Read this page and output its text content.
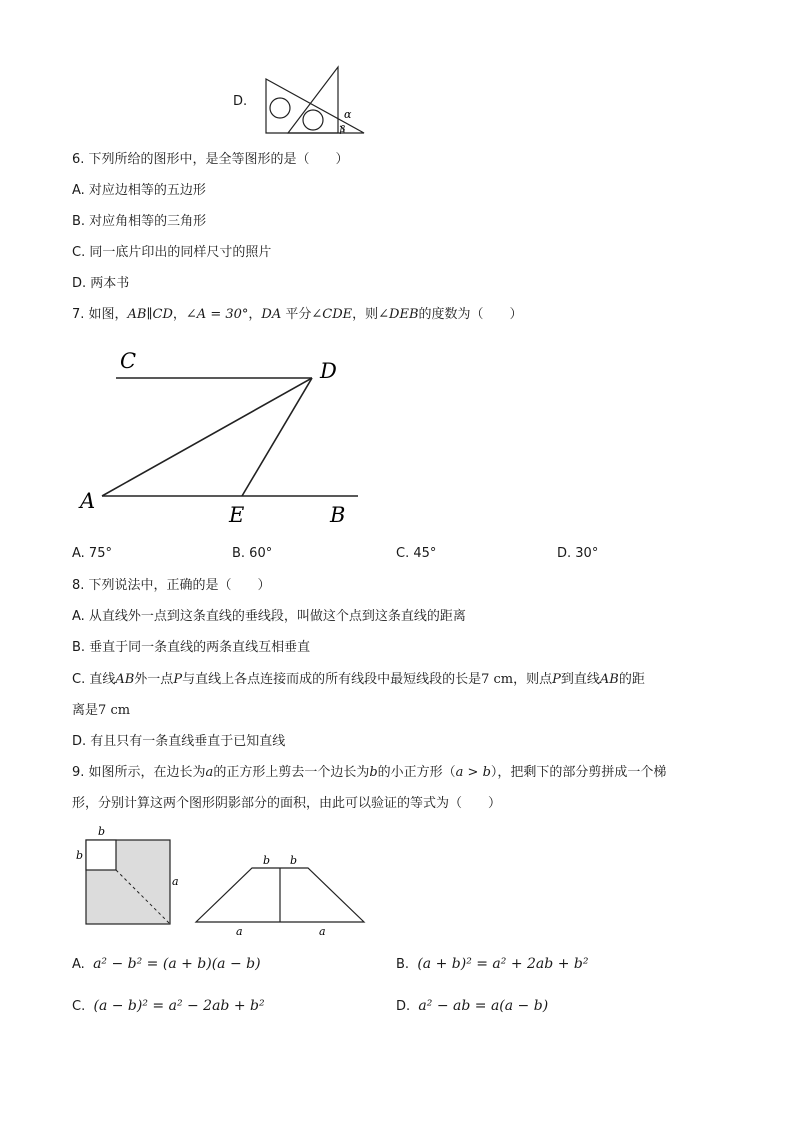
D.
α
β
6. 下列所给的图形中，是全等图形的是（　　）
A. 对应边相等的五边形
B. 对应角相等的三角形
C. 同一底片印出的同样尺寸的照片
D. 两本书
7. 如图，AB∥CD，∠A = 30°，DA 平分∠CDE，则∠DEB的度数为（　　）
C	D
A
E	B
A. 75°	B. 60°	C. 45°	D. 30°
8. 下列说法中，正确的是（　　）
A. 从直线外一点到这条直线的垂线段，叫做这个点到这条直线的距离
B. 垂直于同一条直线的两条直线互相垂直
C. 直线AB外一点P与直线上各点连接而成的所有线段中最短线段的长是7 cm，则点P到直线AB的距
离是7 cm
D. 有且只有一条直线垂直于已知直线
9. 如图所示，在边长为a的正方形上剪去一个边长为b的小正方形（a > b），把剩下的部分剪拼成一个梯
形，分别计算这两个图形阴影部分的面积，由此可以验证的等式为（　　）
b
b
a
b b
a	a
A. a² − b² = (a + b)(a − b)	B. (a + b)² = a² + 2ab + b²
C. (a − b)² = a² − 2ab + b²	D. a² − ab = a(a − b)
